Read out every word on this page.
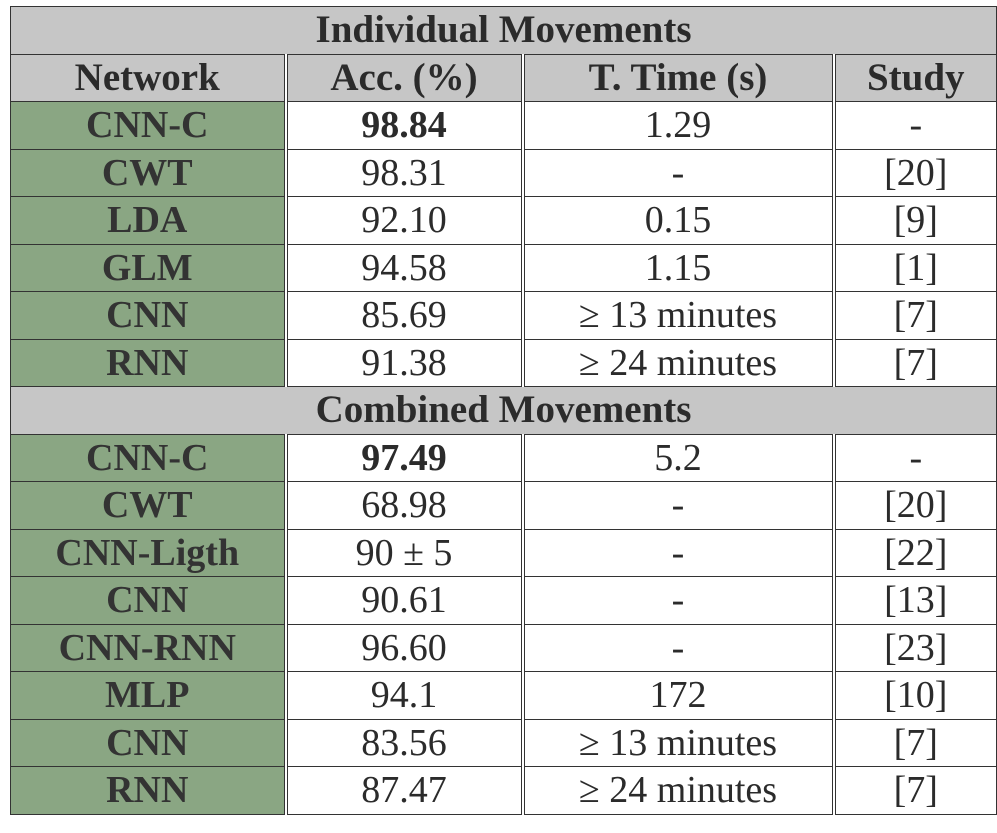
Individual Movements			
Network	Acc. (%)	T. Time (s)	Study
CNN-C	98.84	1.29	-
CWT	98.31	-	[20]
LDA	92.10	0.15	[9]
GLM	94.58	1.15	[1]
CNN	85.69	≥ 13 minutes	[7]
RNN	91.38	≥ 24 minutes	[7]
Combined Movements			
CNN-C	97.49	5.2	-
CWT	68.98	-	[20]
CNN-Ligth	90 ± 5	-	[22]
CNN	90.61	-	[13]
CNN-RNN	96.60	-	[23]
MLP	94.1	172	[10]
CNN	83.56	≥ 13 minutes	[7]
RNN	87.47	≥ 24 minutes	[7]
